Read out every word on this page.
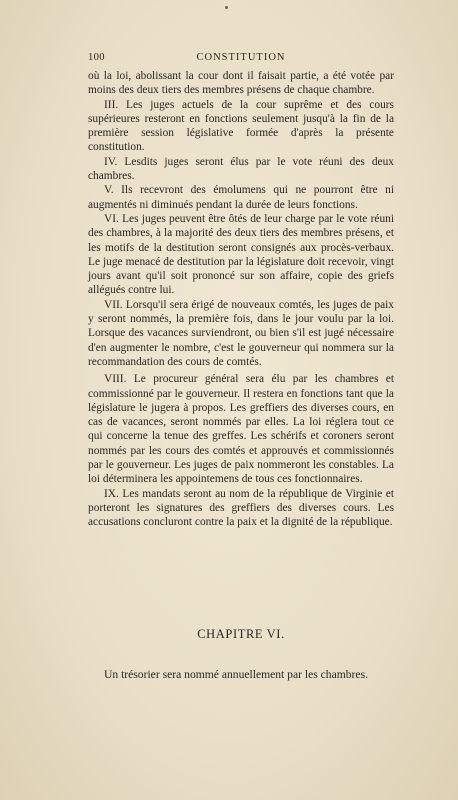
100	CONSTITUTION

où la loi, abolissant la cour dont il faisait partie, a été votée par moins des deux tiers des membres présens de chaque chambre.

III. Les juges actuels de la cour suprême et des cours supérieures resteront en fonctions seulement jusqu'à la fin de la première session législative formée d'après la présente constitution.

IV. Lesdits juges seront élus par le vote réuni des deux chambres.

V. Ils recevront des émolumens qui ne pourront être ni augmentés ni diminués pendant la durée de leurs fonctions.

VI. Les juges peuvent être ôtés de leur charge par le vote réuni des chambres, à la majorité des deux tiers des membres présens, et les motifs de la destitution seront consignés aux procès-verbaux. Le juge menacé de destitution par la législature doit recevoir, vingt jours avant qu'il soit prononcé sur son affaire, copie des griefs allégués contre lui.

VII. Lorsqu'il sera érigé de nouveaux comtés, les juges de paix y seront nommés, la première fois, dans le jour voulu par la loi. Lorsque des vacances surviendront, ou bien s'il est jugé nécessaire d'en augmenter le nombre, c'est le gouverneur qui nommera sur la recommandation des cours de comtés.

VIII. Le procureur général sera élu par les chambres et commissionné par le gouverneur. Il restera en fonctions tant que la législature le jugera à propos. Les greffiers des diverses cours, en cas de vacances, seront nommés par elles. La loi réglera tout ce qui concerne la tenue des greffes. Les schérifs et coroners seront nommés par les cours des comtés et approuvés et commissionnés par le gouverneur. Les juges de paix nommeront les constables. La loi déterminera les appointemens de tous ces fonctionnaires.

IX. Les mandats seront au nom de la république de Virginie et porteront les signatures des greffiers des diverses cours. Les accusations concluront contre la paix et la dignité de la république.

CHAPITRE VI.
Un trésorier sera nommé annuellement par les chambres.
